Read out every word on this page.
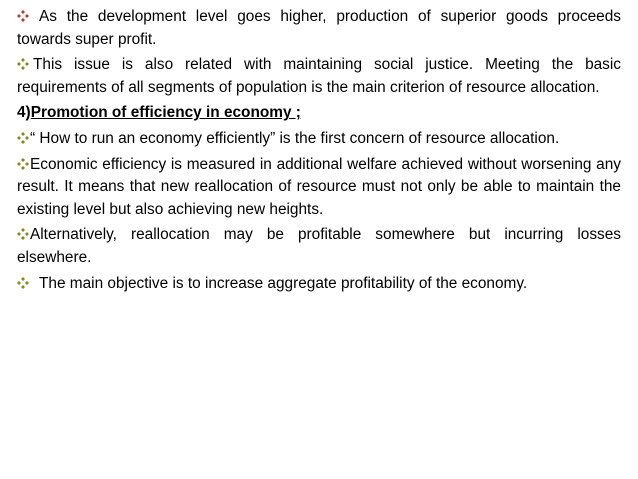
As the development level goes higher, production of superior goods proceeds towards super profit.

This issue is also related with maintaining social justice. Meeting the basic requirements of all segments of population is the main criterion of resource allocation.

4)Promotion of efficiency in economy ;

“ How to run an economy efficiently” is the first concern of resource allocation.

Economic efficiency is measured in additional welfare achieved without worsening any result. It means that new reallocation of resource must not only be able to maintain the existing level but also achieving new heights.

Alternatively, reallocation may be profitable somewhere but incurring losses elsewhere.

The main objective is to increase aggregate profitability of the economy.
